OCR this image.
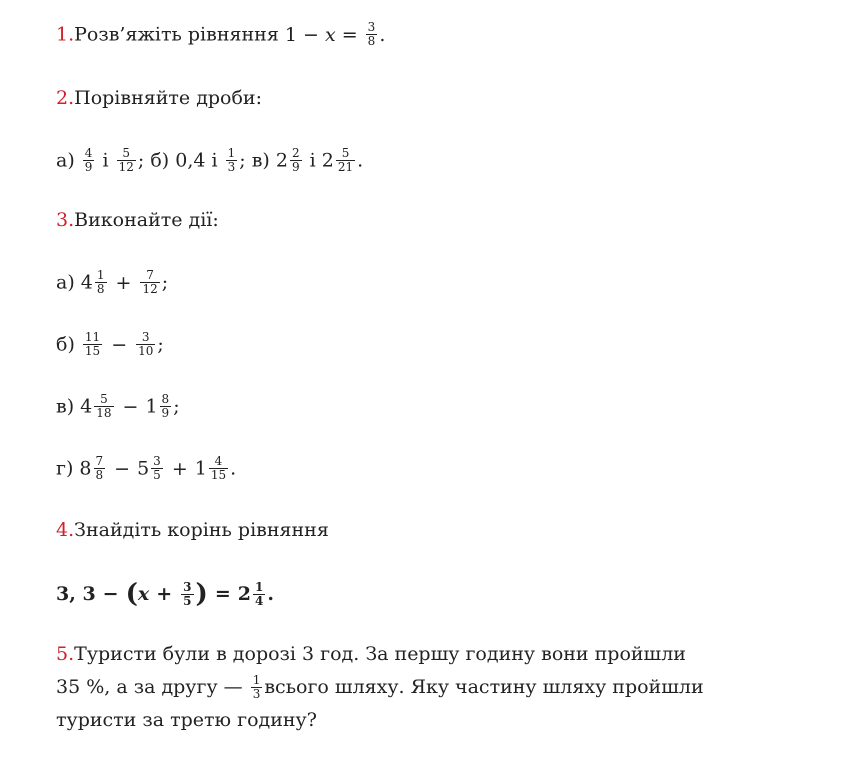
1.Розв’яжіть рівняння $1 - x = \frac{3}{8}$ .
2.Порівняйте дроби:
$а) \frac{4}{9}$ і $\frac{5}{12}$ ; б) 0,4 і $\frac{1}{3}$ ; в) $2 \frac{2}{9}$ і $2 \frac{5}{21}$ .
3.Виконайте дії:
а) $4 \frac{1}{8} + \frac{7}{12}$ ;
$б) \frac{11}{15} - \frac{3}{10}$ ;
в) $4 \frac{5}{18} - 1 \frac{8}{9}$ ;
г) $8 \frac{7}{8} - 5 \frac{3}{5} + 1 \frac{4}{15}$ .
4.Знайдіть корінь рівняння
3, $3 - (x + \frac{3}{5}$ ) = $2 \frac{1}{4}$ .
5.Туристи були в дорозі 3 год. За першу годину вони пройшли
35 %, а за другу — $\frac{1}{3}$ всього шляху. Яку частину шляху пройшли
туристи за третю годину?
